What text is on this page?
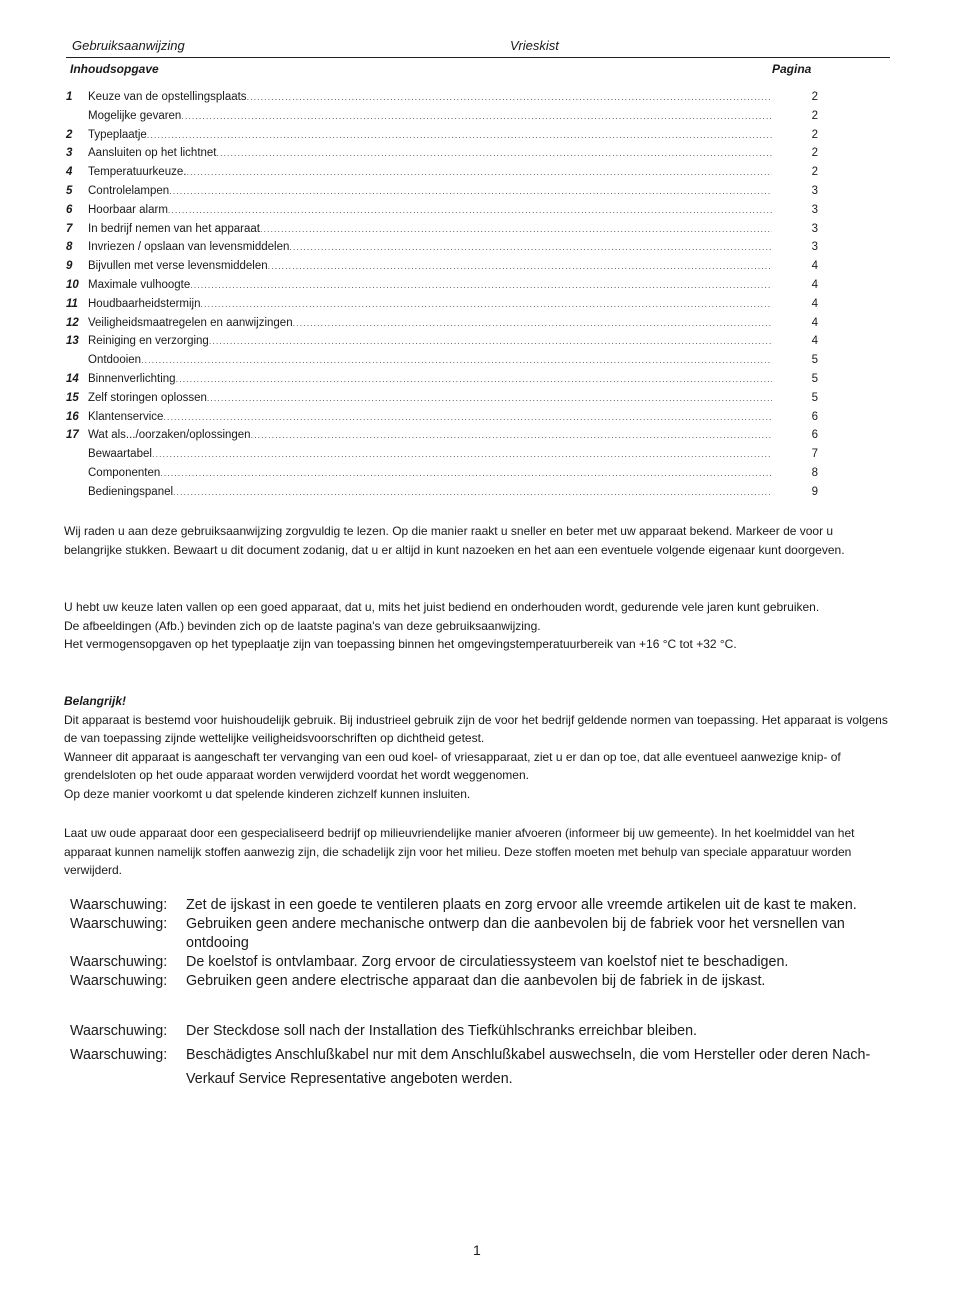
Gebruiksaanwijzing	Vrieskist
Inhoudsopgave	Pagina
1	Keuze van de opstellingsplaats .....	2
Mogelijke gevaren .....	2
2	Typeplaatje .....	2
3	Aansluiten op het lichtnet .....	2
4	Temperatuurkeuze. .....	2
5	Controlelampen .....	3
6	Hoorbaar alarm .....	3
7	In bedrijf nemen van het apparaat .....	3
8	Invriezen / opslaan van levensmiddelen .....	3
9	Bijvullen met verse levensmiddelen .....	4
10 Maximale vulhoogte .....	4
11 Houdbaarheidstermijn .....	4
12 Veiligheidsmaatregelen en aanwijzingen .....	4
13 Reiniging en verzorging .....	4
Ontdooien .....	5
14 Binnenverlichting .....	5
15 Zelf storingen oplossen .....	5
16 Klantenservice .....	6
17 Wat als.../oorzaken/oplossingen .....	6
Bewaartabel .....	7
Componenten .....	8
Bedieningspanel .....	9

Wij raden u aan deze gebruiksaanwijzing zorgvuldig te lezen. Op die manier raakt u sneller en beter met uw apparaat bekend. Markeer de voor u belangrijke stukken. Bewaart u dit document zodanig, dat u er altijd in kunt nazoeken en het aan een eventuele volgende eigenaar kunt doorgeven.

U hebt uw keuze laten vallen op een goed apparaat, dat u, mits het juist bediend en onderhouden wordt, gedurende vele jaren kunt gebruiken.

De afbeeldingen (Afb.) bevinden zich op de laatste pagina's van deze gebruiksaanwijzing.

Het vermogensopgaven op het typeplaatje zijn van toepassing binnen het omgevingstemperatuurbereik van +16 °C tot +32 °C.

Belangrijk!

Dit apparaat is bestemd voor huishoudelijk gebruik. Bij industrieel gebruik zijn de voor het bedrijf geldende normen van toepassing. Het apparaat is volgens de van toepassing zijnde wettelijke veiligheidsvoorschriften op dichtheid getest.

Wanneer dit apparaat is aangeschaft ter vervanging van een oud koel- of vriesapparaat, ziet u er dan op toe, dat alle eventueel aanwezige knip- of grendelsloten op het oude apparaat worden verwijderd voordat het wordt weggenomen.

Op deze manier voorkomt u dat spelende kinderen zichzelf kunnen insluiten.

Laat uw oude apparaat door een gespecialiseerd bedrijf op milieuvriendelijke manier afvoeren (informeer bij uw gemeente). In het koelmiddel van het apparaat kunnen namelijk stoffen aanwezig zijn, die schadelijk zijn voor het milieu. Deze stoffen moeten met behulp van speciale apparatuur worden verwijderd.

Waarschuwing:	Zet de ijskast in een goede te ventileren plaats en zorg ervoor alle vreemde artikelen uit de kast te maken.
Waarschuwing:	Gebruiken geen andere mechanische ontwerp dan die aanbevolen bij de fabriek voor het versnellen van ontdooing
Waarschuwing:	De koelstof is ontvlambaar. Zorg ervoor de circulatiessysteem van koelstof niet te beschadigen.
Waarschuwing:	Gebruiken geen andere electrische apparaat dan die aanbevolen bij de fabriek in de ijskast.
Waarschuwing:	Der Steckdose soll nach der Installation des Tiefkühlschranks erreichbar bleiben.
Waarschuwing:	Beschädigtes Anschlußkabel nur mit dem Anschlußkabel auswechseln, die vom Hersteller oder deren Nach-Verkauf Service Representative angeboten werden.
1
